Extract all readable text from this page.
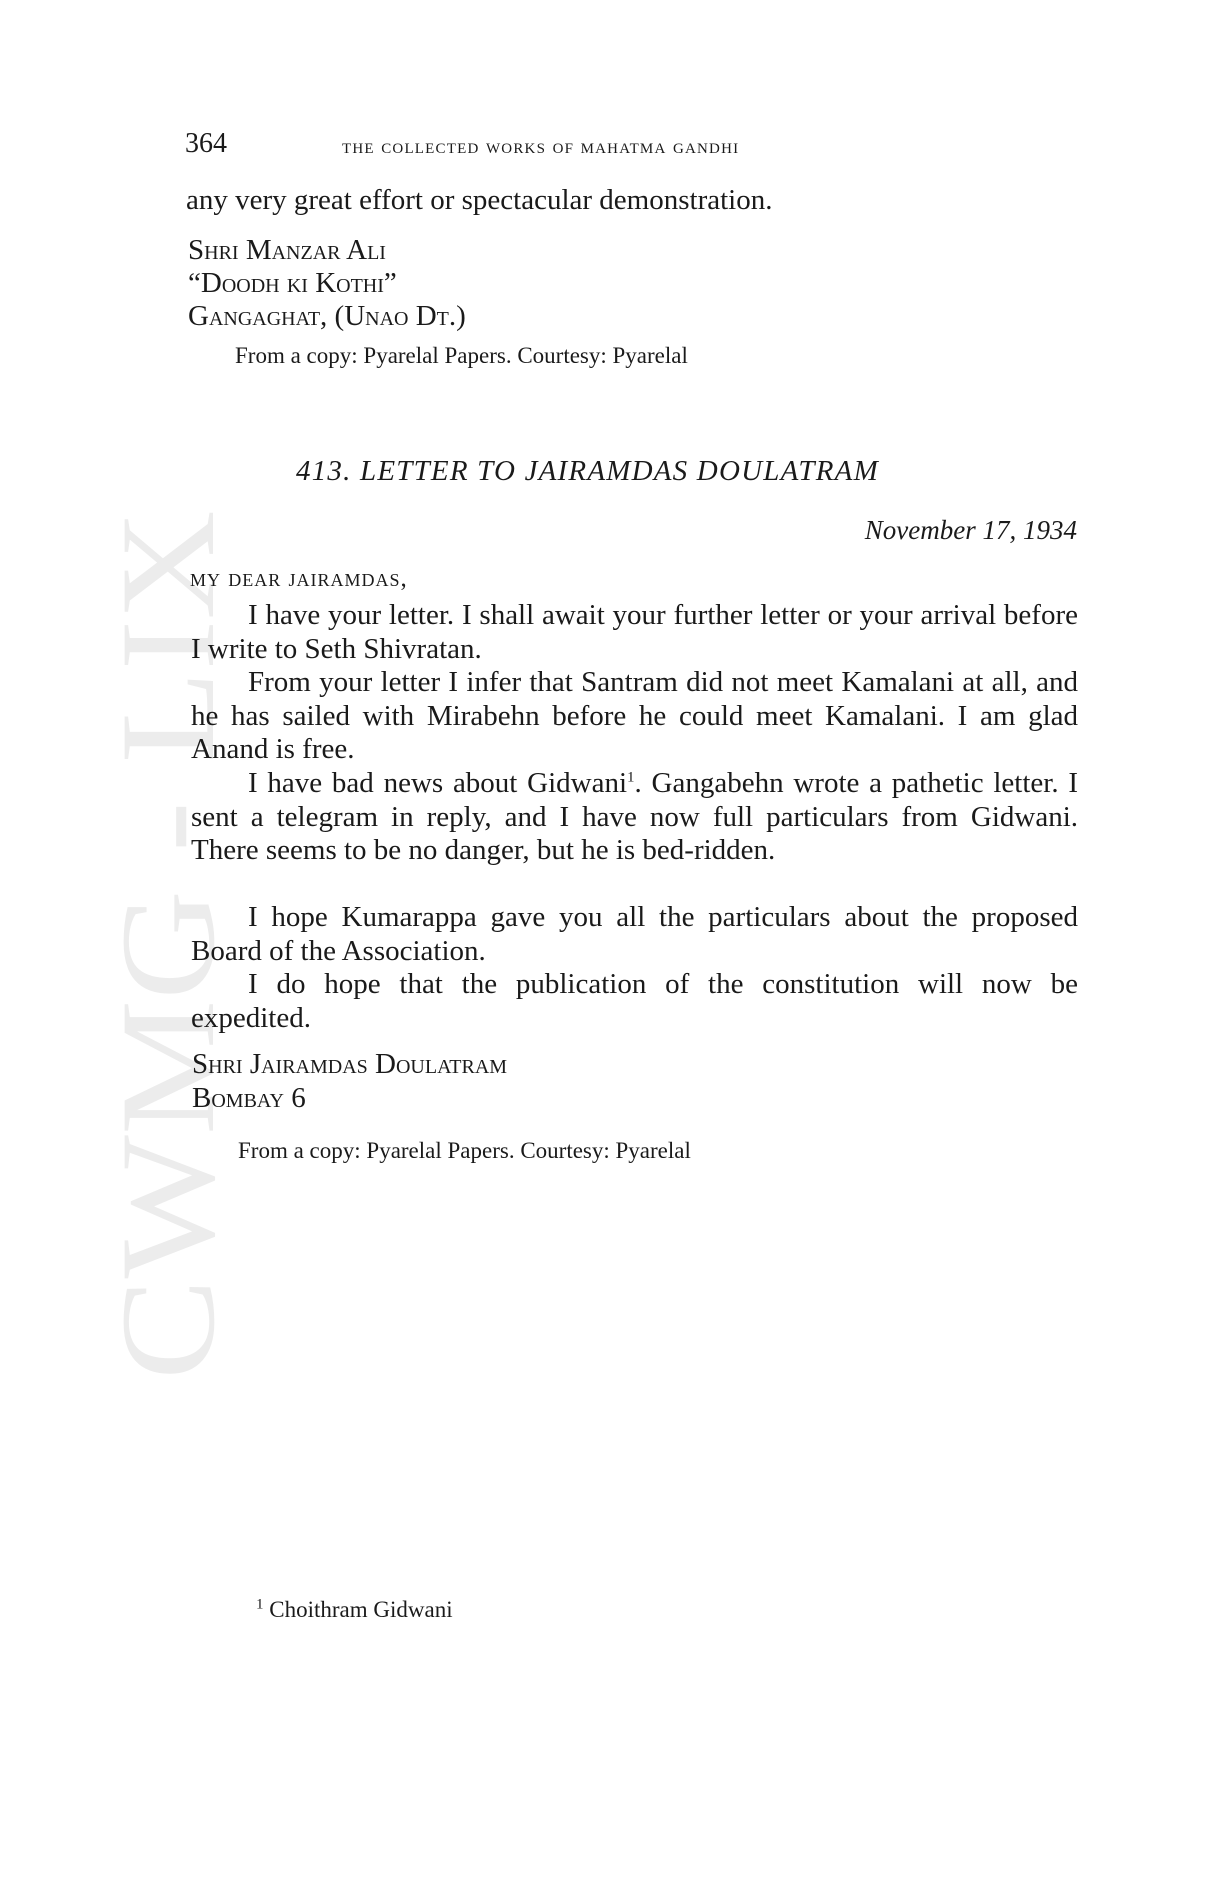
CWMG LIX
364	the collected works of mahatma gandhi
any very great effort or spectacular demonstration.
Shri Manzar Ali
“Doodh ki Kothi”
Gangaghat, (Unao Dt.)
From a copy: Pyarelal Papers. Courtesy: Pyarelal
413. LETTER TO JAIRAMDAS DOULATRAM
November 17, 1934
my dear jairamdas,
I have your letter. I shall await your further letter or your arrival before I write to Seth Shivratan.
From your letter I infer that Santram did not meet Kamalani at all, and he has sailed with Mirabehn before he could meet Kamalani. I am glad Anand is free.
I have bad news about Gidwani$^1$. Gangabehn wrote a pathetic letter. I sent a telegram in reply, and I have now full particulars from Gidwani. There seems to be no danger, but he is bed-ridden.
I hope Kumarappa gave you all the particulars about the proposed Board of the Association.
I do hope that the publication of the constitution will now be expedited.
Shri Jairamdas Doulatram
Bombay 6
From a copy: Pyarelal Papers. Courtesy: Pyarelal
$^1$ Choithram Gidwani
